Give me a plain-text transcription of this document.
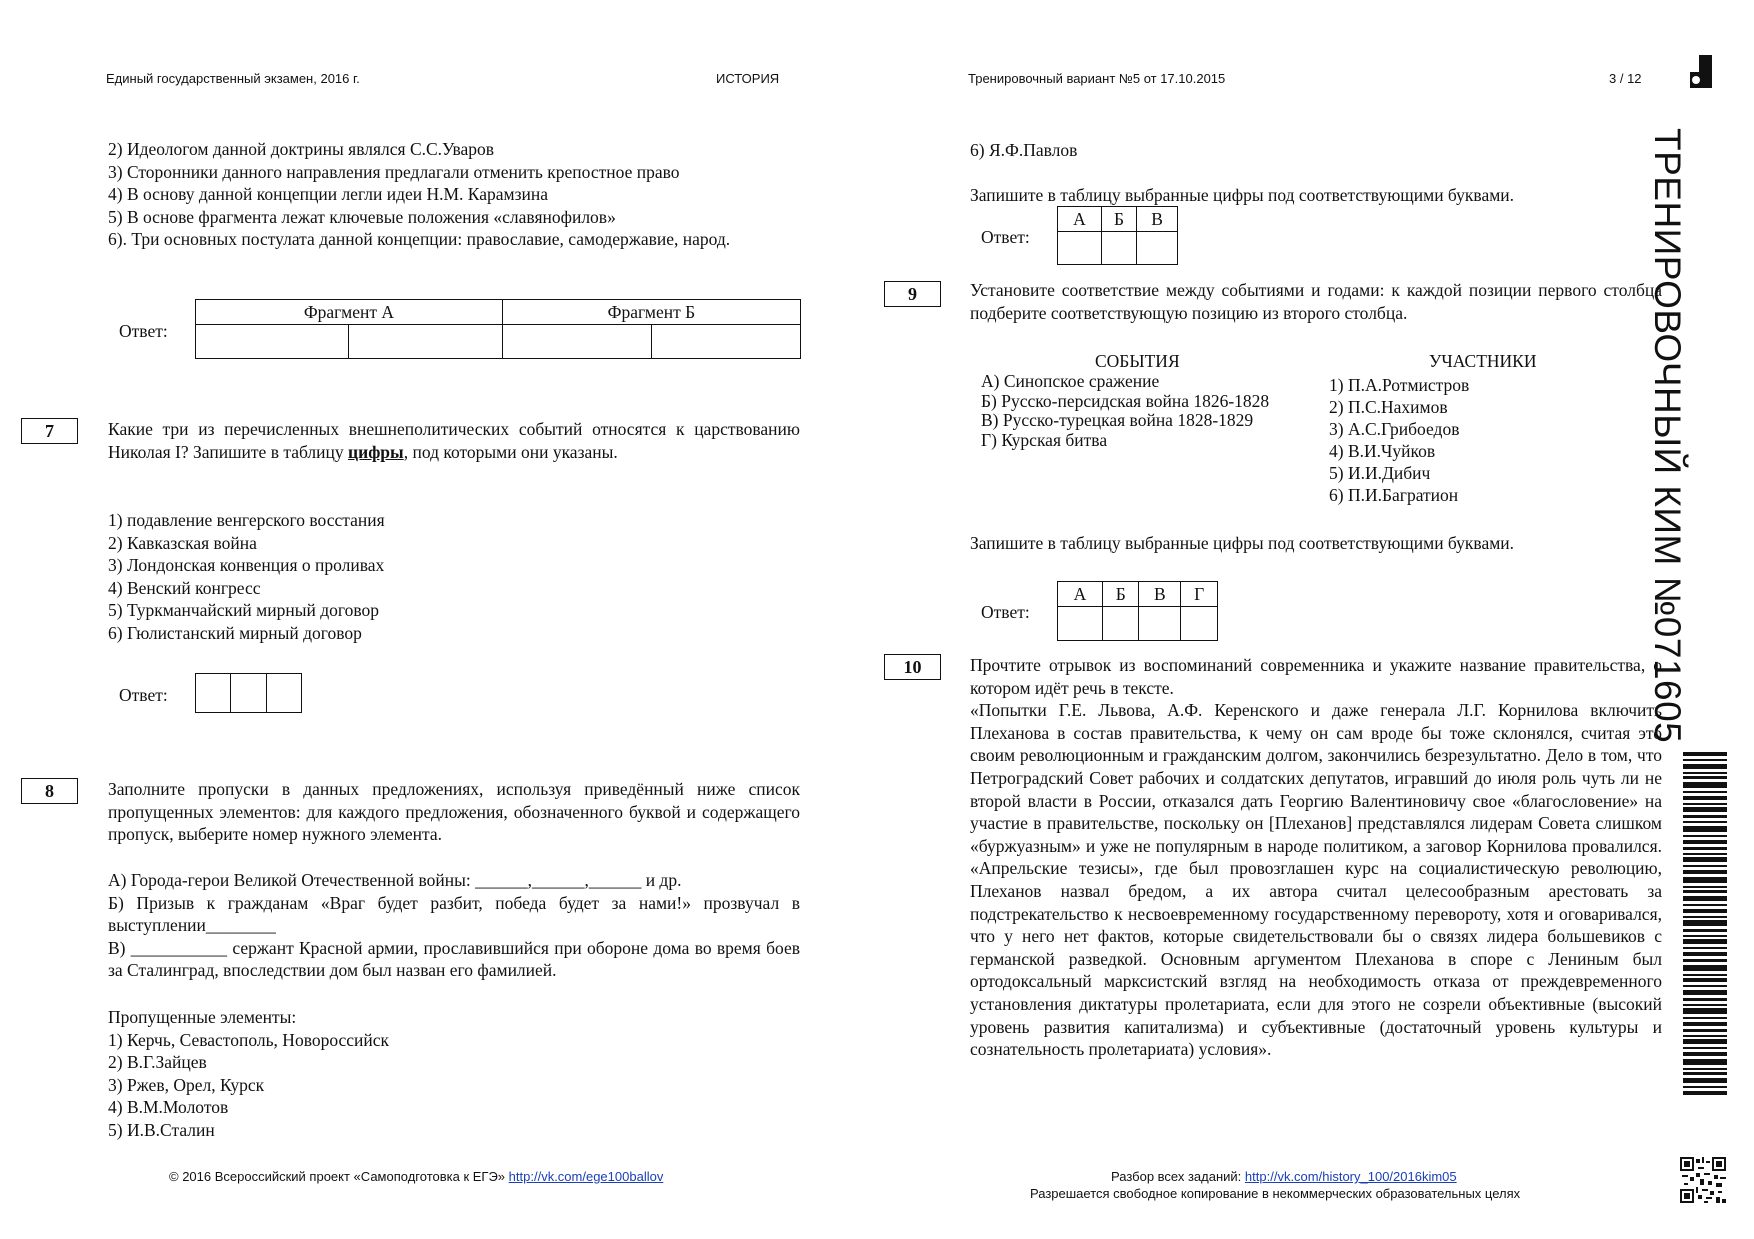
Единый государственный экзамен, 2016 г.	ИСТОРИЯ	Тренировочный вариант №5 от 17.10.2015	3 / 12
ТРЕНИРОВОЧНЫЙ КИМ №071605

2) Идеологом данной доктрины являлся С.С.Уваров

3) Сторонники данного направления предлагали отменить крепостное право

4) В основу данной концепции легли идеи Н.М. Карамзина

5) В основе фрагмента лежат ключевые положения «славянофилов»

6). Три основных постулата данной концепции: православие, самодержавие, народ.

Ответ:
Фрагмент А		Фрагмент Б	

7	Какие три из перечисленных внешнеполитических событий относятся к царствованию Николая I? Запишите в таблицу цифры, под которыми они указаны.

1) подавление венгерского восстания

2) Кавказская война

3) Лондонская конвенция о проливах

4) Венский конгресс

5) Туркманчайский мирный договор

6) Гюлистанский мирный договор

Ответ:

8	Заполните пропуски в данных предложениях, используя приведённый ниже список пропущенных элементов: для каждого предложения, обозначенного буквой и содержащего пропуск, выберите номер нужного элемента.

А) Города-герои Великой Отечественной войны: ______,______,______ и др.

Б) Призыв к гражданам «Враг будет разбит, победа будет за нами!» прозвучал в выступлении________

В) ___________ сержант Красной армии, прославившийся при обороне дома во время боев за Сталинград, впоследствии дом был назван его фамилией.

Пропущенные элементы:

1) Керчь, Севастополь, Новороссийск

2) В.Г.Зайцев

3) Ржев, Орел, Курск

4) В.М.Молотов

5) И.В.Сталин

6) Я.Ф.Павлов
Запишите в таблицу выбранные цифры под соответствующими буквами.
Ответ:
А	Б	В

9	Установите соответствие между событиями и годами: к каждой позиции первого столбца подберите соответствующую позицию из второго столбца.
СОБЫТИЯ	УЧАСТНИКИ

А) Синопское сражение

Б) Русско-персидская война 1826-1828

В) Русско-турецкая война 1828-1829

Г) Курская битва

1) П.А.Ротмистров

2) П.С.Нахимов

3) А.С.Грибоедов

4) В.И.Чуйков

5) И.И.Дибич

6) П.И.Багратион

Запишите в таблицу выбранные цифры под соответствующими буквами.
Ответ:
А	Б	В	Г

10	Прочтите отрывок из воспоминаний современника и укажите название правительства, о котором идёт речь в тексте.

«Попытки Г.Е. Львова, А.Ф. Керенского и даже генерала Л.Г. Корнилова включить Плеханова в состав правительства, к чему он сам вроде бы тоже склонялся, считая это своим революционным и гражданским долгом, закончились безрезультатно. Дело в том, что Петроградский Совет рабочих и солдатских депутатов, игравший до июля роль чуть ли не второй власти в России, отказался дать Георгию Валентиновичу свое «благословение» на участие в правительстве, поскольку он [Плеханов] представлялся лидерам Совета слишком «буржуазным» и уже не популярным в народе политиком, а заговор Корнилова провалился. «Апрельские тезисы», где был провозглашен курс на социалистическую революцию, Плеханов назвал бредом, а их автора считал целесообразным арестовать за подстрекательство к несвоевременному государственному перевороту, хотя и оговаривался, что у него нет фактов, которые свидетельствовали бы о связях лидера большевиков с германской разведкой. Основным аргументом Плеханова в споре с Лениным был ортодоксальный марксистский взгляд на необходимость отказа от преждевременного установления диктатуры пролетариата, если для этого не созрели объективные (высокий уровень развития капитализма) и субъективные (достаточный уровень культуры и сознательность пролетариата) условия».

© 2016 Всероссийский проект «Самоподготовка к ЕГЭ» http://vk.com/ege100ballov	Разбор всех заданий: http://vk.com/history_100/2016kim05
Разрешается свободное копирование в некоммерческих образовательных целях
